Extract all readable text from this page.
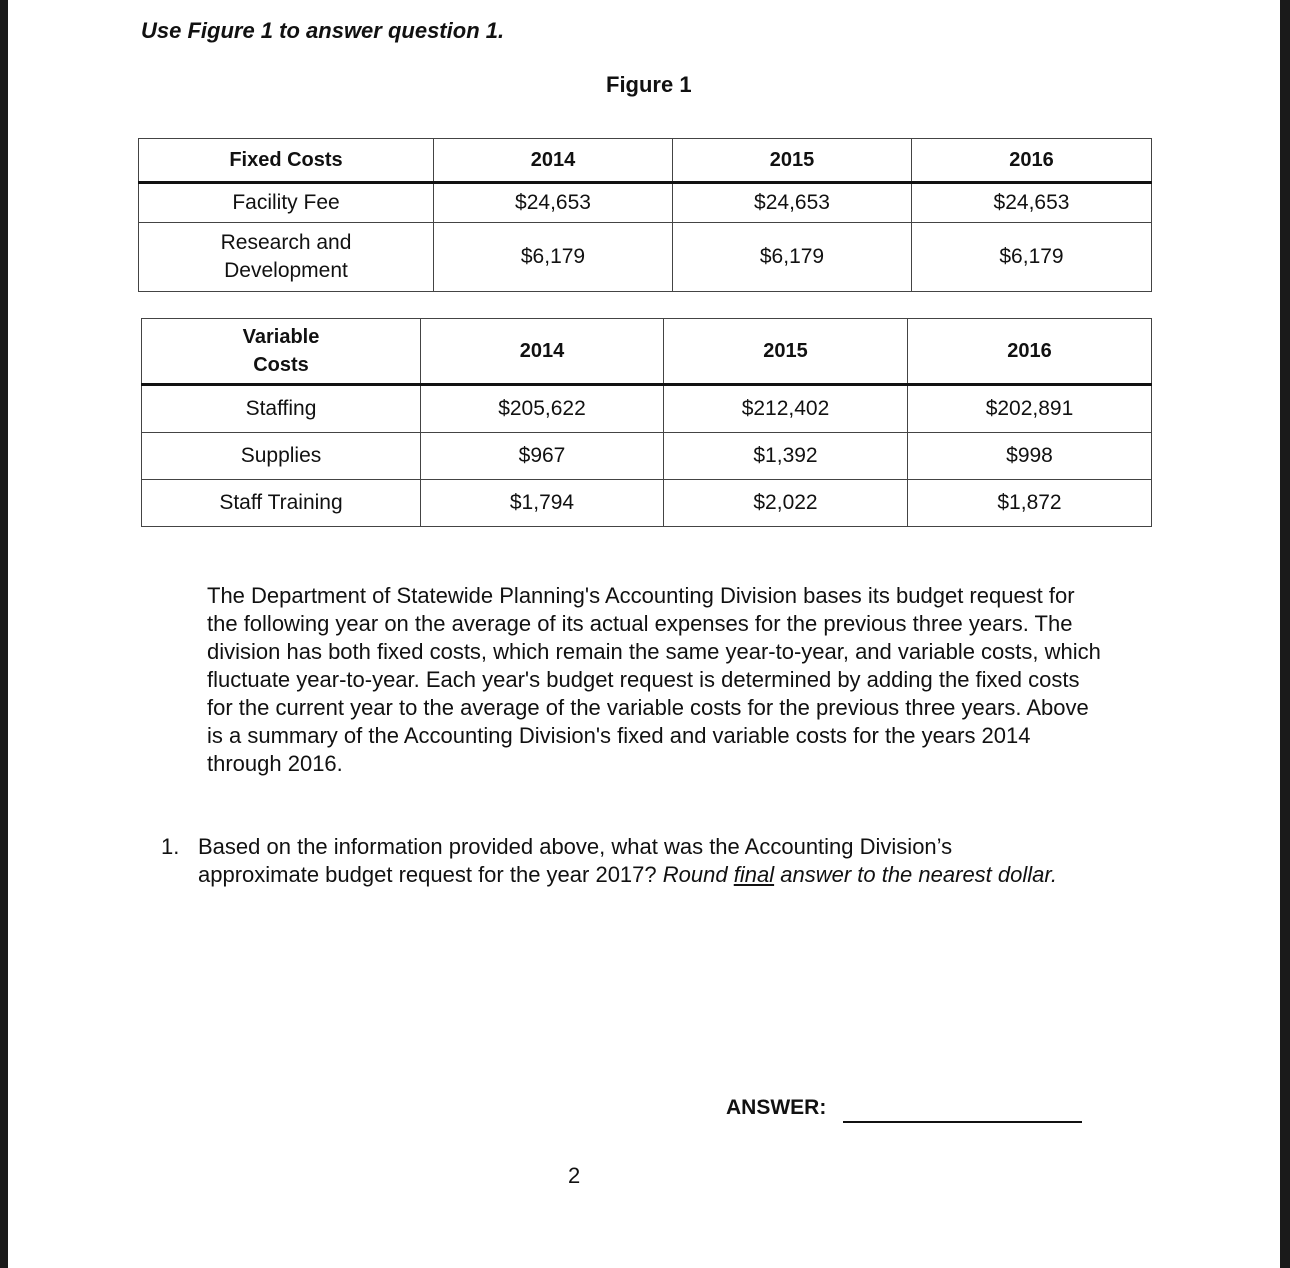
Use Figure 1 to answer question 1.
Figure 1
Fixed Costs	2014	2015	2016
Facility Fee	$24,653	$24,653	$24,653
Research and Development	$6,179	$6,179	$6,179
Variable Costs	2014	2015	2016
Staffing	$205,622	$212,402	$202,891
Supplies	$967	$1,392	$998
Staff Training	$1,794	$2,022	$1,872
The Department of Statewide Planning's Accounting Division bases its budget request for the following year on the average of its actual expenses for the previous three years. The division has both fixed costs, which remain the same year-to-year, and variable costs, which fluctuate year-to-year. Each year's budget request is determined by adding the fixed costs for the current year to the average of the variable costs for the previous three years. Above is a summary of the Accounting Division's fixed and variable costs for the years 2014 through 2016.
1. Based on the information provided above, what was the Accounting Division’s approximate budget request for the year 2017? Round final answer to the nearest dollar.
ANSWER:
2
